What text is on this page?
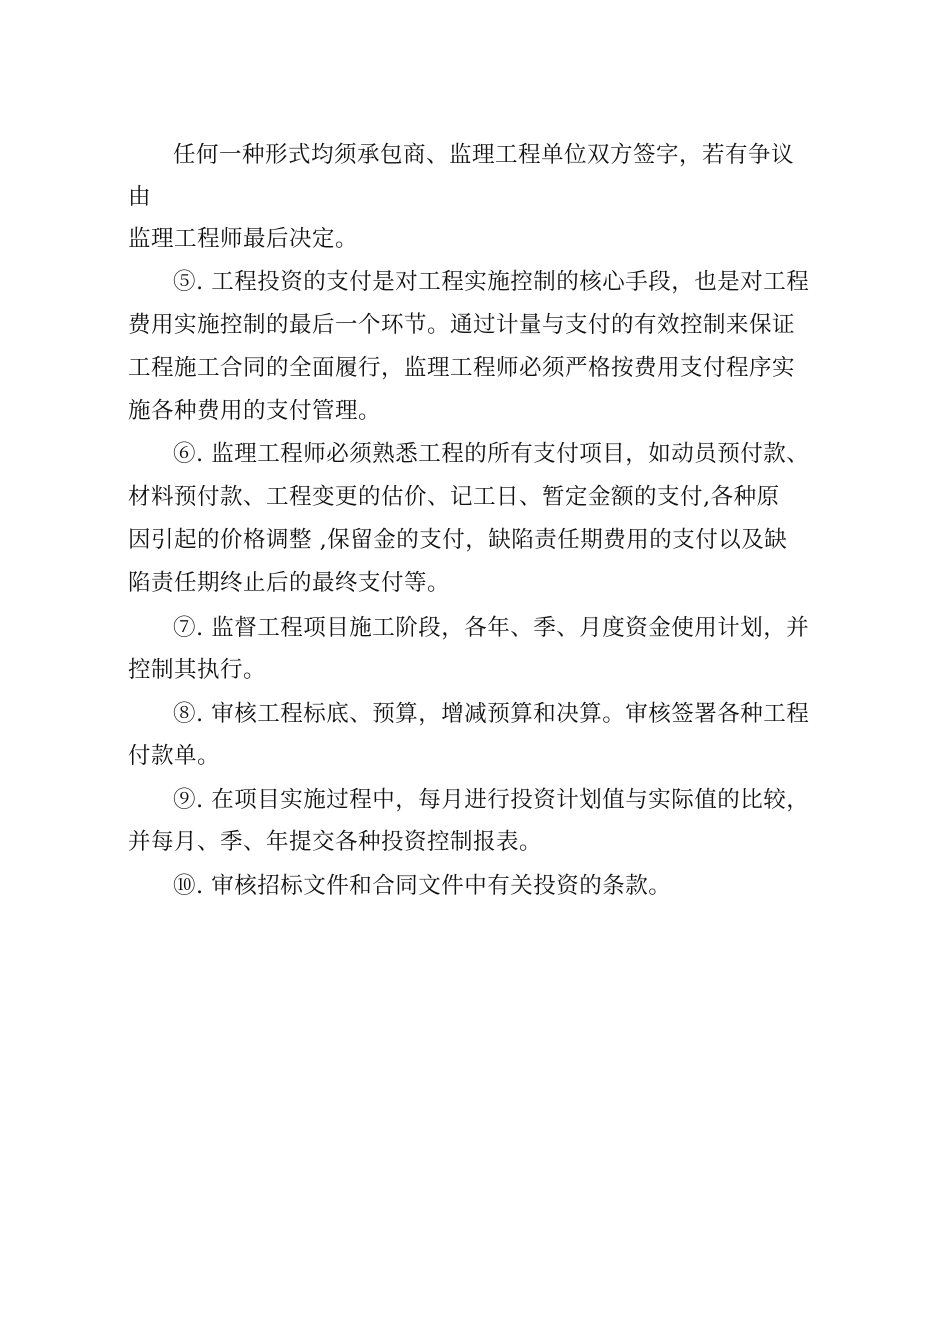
任何一种形式均须承包商、监理工程单位双方签字，若有争议
由
监理工程师最后决定。
⑤. 工程投资的支付是对工程实施控制的核心手段，也是对工程
费用实施控制的最后一个环节。通过计量与支付的有效控制来保证
工程施工合同的全面履行，监理工程师必须严格按费用支付程序实
施各种费用的支付管理。
⑥. 监理工程师必须熟悉工程的所有支付项目，如动员预付款、
材料预付款、工程变更的估价、记工日、暂定金额的支付,各种原
因引起的价格调整 ,保留金的支付，缺陷责任期费用的支付以及缺
陷责任期终止后的最终支付等。
⑦. 监督工程项目施工阶段，各年、季、月度资金使用计划，并
控制其执行。
⑧. 审核工程标底、预算，增减预算和决算。审核签署各种工程
付款单。
⑨. 在项目实施过程中，每月进行投资计划值与实际值的比较，
并每月、季、年提交各种投资控制报表。
⑩. 审核招标文件和合同文件中有关投资的条款。
